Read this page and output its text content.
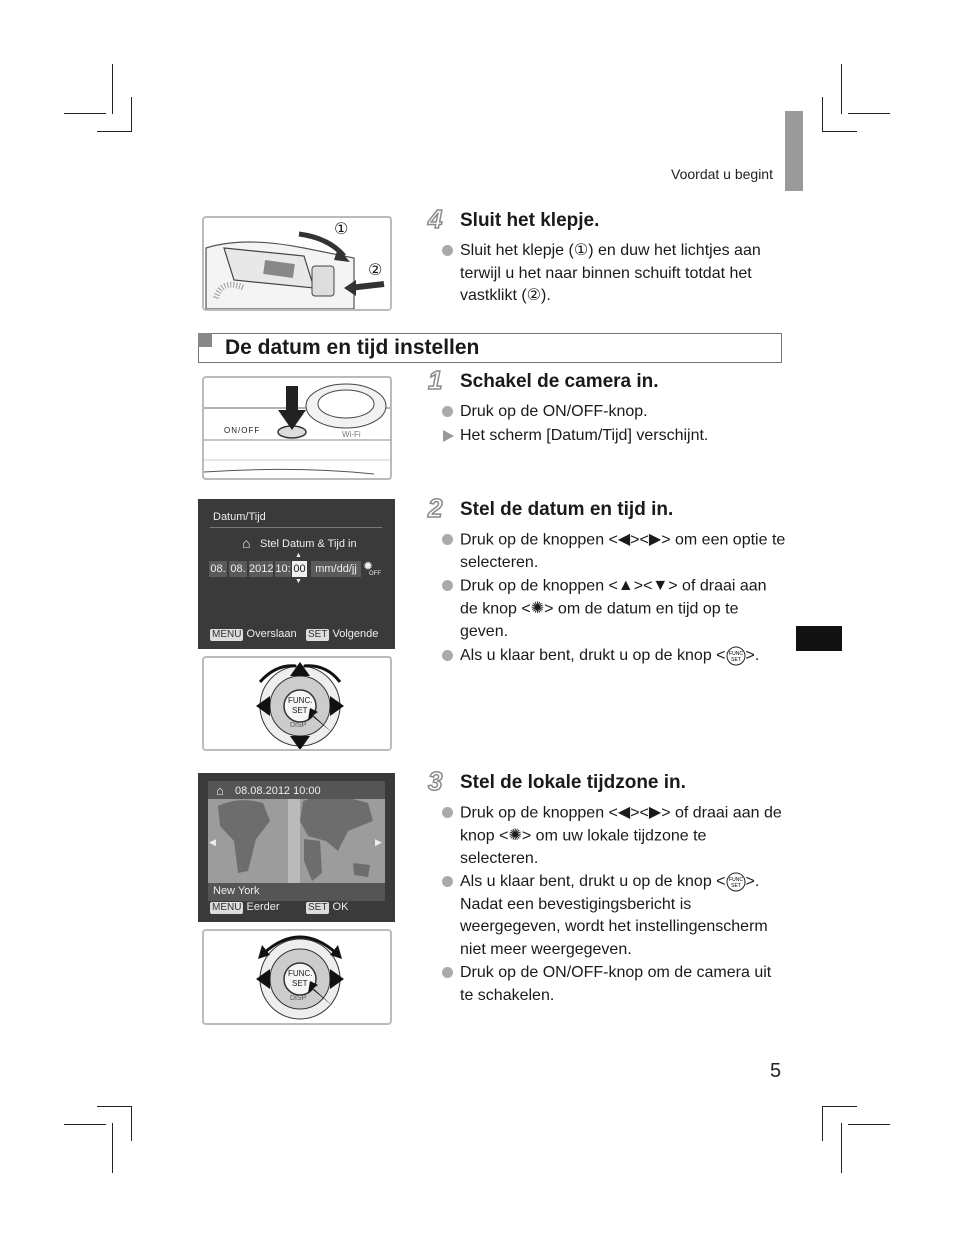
Voordat u begint
5
①
②
4 Sluit het klepje.
Sluit het klepje (①) en duw het lichtjes aan terwijl u het naar binnen schuift totdat het vastklikt (②).
De datum en tijd instellen
ON/OFF	Wi-Fi
1 Schakel de camera in.
Druk op de ON/OFF-knop.
Het scherm [Datum/Tijd] verschijnt.
Datum/Tijd
⌂ Stel Datum & Tijd in
08. 08. 2012 10: 00 mm/dd/jj
▲
▼
✹
OFF
MENU Overslaan SET Volgende
FUNC.
SET
DISP
2 Stel de datum en tijd in.
Druk op de knoppen <◀><▶> om een optie te selecteren.
Druk op de knoppen <▲><▼> of draai aan de knop <✺> om de datum en tijd op te geven.
Als u klaar bent, drukt u op de knop < FUNC
SET >.
⌂ 08.08.2012 10:00
◀	▶
New York
MENU Eerder	SET OK
FUNC.
SET
DISP
3 Stel de lokale tijdzone in.
Druk op de knoppen <◀><▶> of draai aan de knop <✺> om uw lokale tijdzone te selecteren.
Als u klaar bent, drukt u op de knop < FUNC
SET >. Nadat een bevestigingsbericht is weergegeven, wordt het instellingenscherm niet meer weergegeven.
Druk op de ON/OFF-knop om de camera uit te schakelen.
